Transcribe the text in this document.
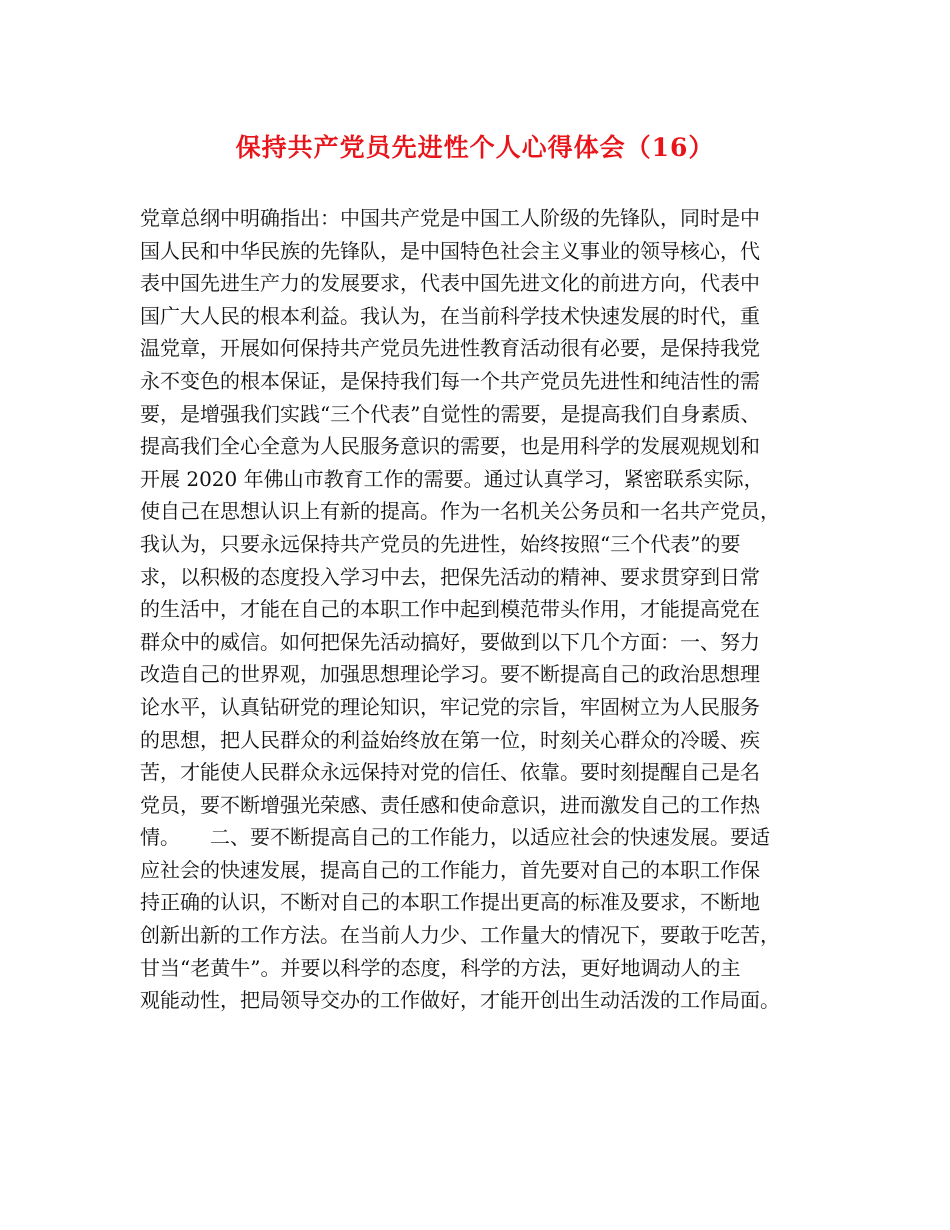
保持共产党员先进性个人心得体会（16）
党章总纲中明确指出：中国共产党是中国工人阶级的先锋队，同时是中
国人民和中华民族的先锋队，是中国特色社会主义事业的领导核心，代
表中国先进生产力的发展要求，代表中国先进文化的前进方向，代表中
国广大人民的根本利益。我认为，在当前科学技术快速发展的时代，重
温党章，开展如何保持共产党员先进性教育活动很有必要，是保持我党
永不变色的根本保证，是保持我们每一个共产党员先进性和纯洁性的需
要，是增强我们实践“三个代表”自觉性的需要，是提高我们自身素质、
提高我们全心全意为人民服务意识的需要，也是用科学的发展观规划和
开展 2020 年佛山市教育工作的需要。通过认真学习，紧密联系实际，
使自己在思想认识上有新的提高。作为一名机关公务员和一名共产党员，
我认为，只要永远保持共产党员的先进性，始终按照“三个代表”的要
求，以积极的态度投入学习中去，把保先活动的精神、要求贯穿到日常
的生活中，才能在自己的本职工作中起到模范带头作用，才能提高党在
群众中的威信。如何把保先活动搞好，要做到以下几个方面：一、努力
改造自己的世界观，加强思想理论学习。要不断提高自己的政治思想理
论水平，认真钻研党的理论知识，牢记党的宗旨，牢固树立为人民服务
的思想，把人民群众的利益始终放在第一位，时刻关心群众的冷暖、疾
苦，才能使人民群众永远保持对党的信任、依靠。要时刻提醒自己是名
党员，要不断增强光荣感、责任感和使命意识，进而激发自己的工作热
情。　　二、要不断提高自己的工作能力，以适应社会的快速发展。要适
应社会的快速发展，提高自己的工作能力，首先要对自己的本职工作保
持正确的认识，不断对自己的本职工作提出更高的标准及要求，不断地
创新出新的工作方法。在当前人力少、工作量大的情况下，要敢于吃苦，
甘当“老黄牛”。并要以科学的态度，科学的方法，更好地调动人的主
观能动性，把局领导交办的工作做好，才能开创出生动活泼的工作局面。
